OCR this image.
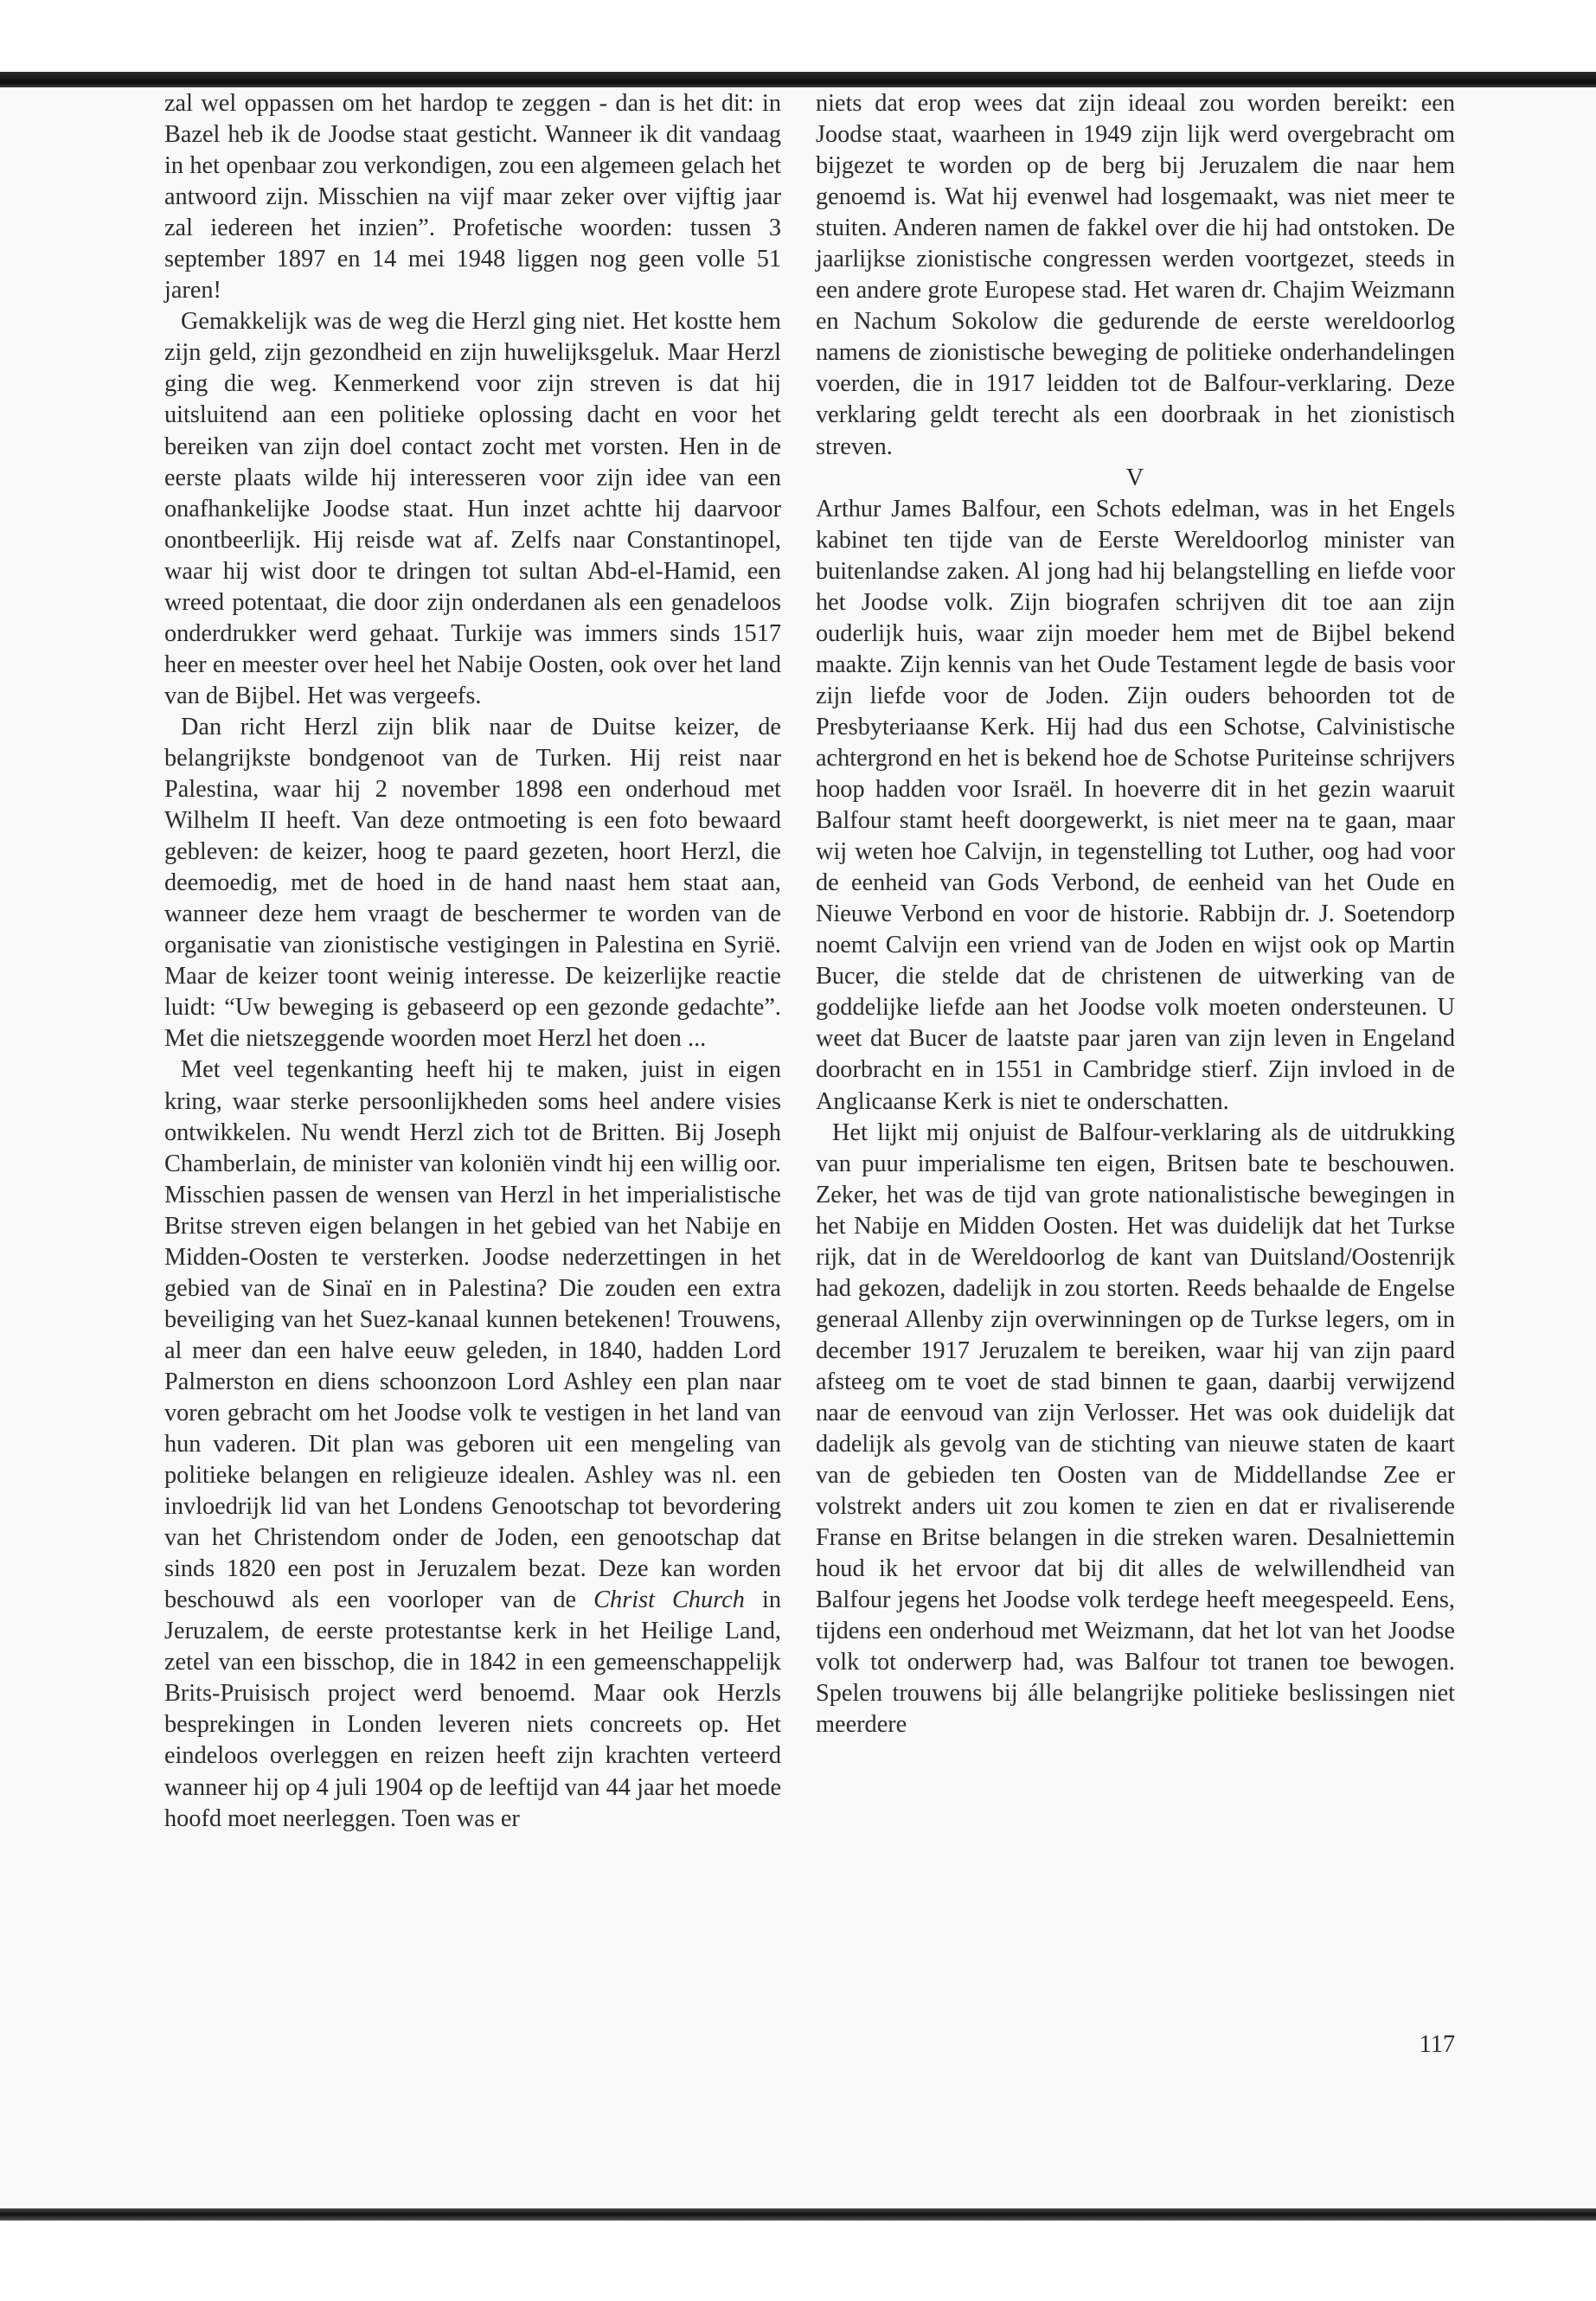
zal wel oppassen om het hardop te zeggen - dan is het dit: in Bazel heb ik de Joodse staat gesticht. Wanneer ik dit vandaag in het openbaar zou verkondigen, zou een algemeen gelach het antwoord zijn. Misschien na vijf maar zeker over vijftig jaar zal iedereen het inzien”. Profetische woorden: tussen 3 september 1897 en 14 mei 1948 liggen nog geen volle 51 jaren!

Gemakkelijk was de weg die Herzl ging niet. Het kostte hem zijn geld, zijn gezondheid en zijn huwelijksgeluk. Maar Herzl ging die weg. Kenmerkend voor zijn streven is dat hij uitsluitend aan een politieke oplossing dacht en voor het bereiken van zijn doel contact zocht met vorsten. Hen in de eerste plaats wilde hij interesseren voor zijn idee van een onafhankelijke Joodse staat. Hun inzet achtte hij daarvoor onontbeerlijk. Hij reisde wat af. Zelfs naar Constantinopel, waar hij wist door te dringen tot sultan Abd-el-Hamid, een wreed potentaat, die door zijn onderdanen als een genadeloos onderdrukker werd gehaat. Turkije was immers sinds 1517 heer en meester over heel het Nabije Oosten, ook over het land van de Bijbel. Het was vergeefs.

Dan richt Herzl zijn blik naar de Duitse keizer, de belangrijkste bondgenoot van de Turken. Hij reist naar Palestina, waar hij 2 november 1898 een onderhoud met Wilhelm II heeft. Van deze ontmoeting is een foto bewaard gebleven: de keizer, hoog te paard gezeten, hoort Herzl, die deemoedig, met de hoed in de hand naast hem staat aan, wanneer deze hem vraagt de beschermer te worden van de organisatie van zionistische vestigingen in Palestina en Syrië. Maar de keizer toont weinig interesse. De keizerlijke reactie luidt: “Uw beweging is gebaseerd op een gezonde gedachte”. Met die nietszeggende woorden moet Herzl het doen ...

Met veel tegenkanting heeft hij te maken, juist in eigen kring, waar sterke persoonlijkheden soms heel andere visies ontwikkelen. Nu wendt Herzl zich tot de Britten. Bij Joseph Chamberlain, de minister van koloniën vindt hij een willig oor. Misschien passen de wensen van Herzl in het imperialistische Britse streven eigen belangen in het gebied van het Nabije en Midden-Oosten te versterken. Joodse nederzettingen in het gebied van de Sinaï en in Palestina? Die zouden een extra beveiliging van het Suez-kanaal kunnen betekenen! Trouwens, al meer dan een halve eeuw geleden, in 1840, hadden Lord Palmerston en diens schoonzoon Lord Ashley een plan naar voren gebracht om het Joodse volk te vestigen in het land van hun vaderen. Dit plan was geboren uit een mengeling van politieke belangen en religieuze idealen. Ashley was nl. een invloedrijk lid van het Londens Genootschap tot bevordering van het Christendom onder de Joden, een genootschap dat sinds 1820 een post in Jeruzalem bezat. Deze kan worden beschouwd als een voorloper van de Christ Church in Jeruzalem, de eerste protestantse kerk in het Heilige Land, zetel van een bisschop, die in 1842 in een gemeenschappelijk Brits-Pruisisch project werd benoemd. Maar ook Herzls besprekingen in Londen leveren niets concreets op. Het eindeloos overleggen en reizen heeft zijn krachten verteerd wanneer hij op 4 juli 1904 op de leeftijd van 44 jaar het moede hoofd moet neerleggen. Toen was er

niets dat erop wees dat zijn ideaal zou worden bereikt: een Joodse staat, waarheen in 1949 zijn lijk werd overgebracht om bijgezet te worden op de berg bij Jeruzalem die naar hem genoemd is. Wat hij evenwel had losgemaakt, was niet meer te stuiten. Anderen namen de fakkel over die hij had ontstoken. De jaarlijkse zionistische congressen werden voortgezet, steeds in een andere grote Europese stad. Het waren dr. Chajim Weizmann en Nachum Sokolow die gedurende de eerste wereldoorlog namens de zionistische beweging de politieke onderhandelingen voerden, die in 1917 leidden tot de Balfour-verklaring. Deze verklaring geldt terecht als een doorbraak in het zionistisch streven.

V

Arthur James Balfour, een Schots edelman, was in het Engels kabinet ten tijde van de Eerste Wereldoorlog minister van buitenlandse zaken. Al jong had hij belangstelling en liefde voor het Joodse volk. Zijn biografen schrijven dit toe aan zijn ouderlijk huis, waar zijn moeder hem met de Bijbel bekend maakte. Zijn kennis van het Oude Testament legde de basis voor zijn liefde voor de Joden. Zijn ouders behoorden tot de Presbyteriaanse Kerk. Hij had dus een Schotse, Calvinistische achtergrond en het is bekend hoe de Schotse Puriteinse schrijvers hoop hadden voor Israël. In hoeverre dit in het gezin waaruit Balfour stamt heeft doorgewerkt, is niet meer na te gaan, maar wij weten hoe Calvijn, in tegenstelling tot Luther, oog had voor de eenheid van Gods Verbond, de eenheid van het Oude en Nieuwe Verbond en voor de historie. Rabbijn dr. J. Soetendorp noemt Calvijn een vriend van de Joden en wijst ook op Martin Bucer, die stelde dat de christenen de uitwerking van de goddelijke liefde aan het Joodse volk moeten ondersteunen. U weet dat Bucer de laatste paar jaren van zijn leven in Engeland doorbracht en in 1551 in Cambridge stierf. Zijn invloed in de Anglicaanse Kerk is niet te onderschatten.

Het lijkt mij onjuist de Balfour-verklaring als de uitdrukking van puur imperialisme ten eigen, Britsen bate te beschouwen. Zeker, het was de tijd van grote nationalistische bewegingen in het Nabije en Midden Oosten. Het was duidelijk dat het Turkse rijk, dat in de Wereldoorlog de kant van Duitsland/Oostenrijk had gekozen, dadelijk in zou storten. Reeds behaalde de Engelse generaal Allenby zijn overwinningen op de Turkse legers, om in december 1917 Jeruzalem te bereiken, waar hij van zijn paard afsteeg om te voet de stad binnen te gaan, daarbij verwijzend naar de eenvoud van zijn Verlosser. Het was ook duidelijk dat dadelijk als gevolg van de stichting van nieuwe staten de kaart van de gebieden ten Oosten van de Middellandse Zee er volstrekt anders uit zou komen te zien en dat er rivaliserende Franse en Britse belangen in die streken waren. Desalniettemin houd ik het ervoor dat bij dit alles de welwillendheid van Balfour jegens het Joodse volk terdege heeft meegespeeld. Eens, tijdens een onderhoud met Weizmann, dat het lot van het Joodse volk tot onderwerp had, was Balfour tot tranen toe bewogen. Spelen trouwens bij álle belangrijke politieke beslissingen niet meerdere

117
